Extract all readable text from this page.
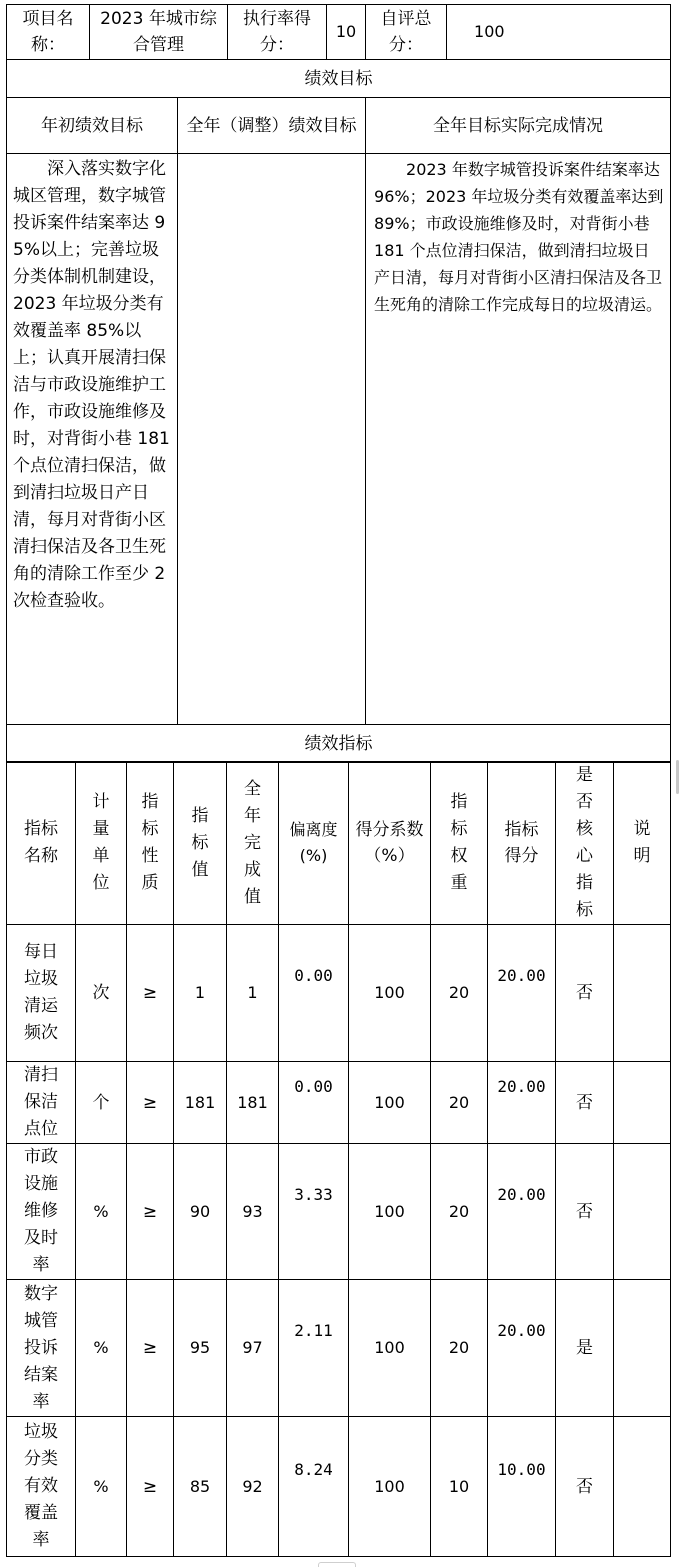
项目名称：	2023 年城市综合管理		执行率得分：	10	自评总分：	100
绩效目标						
年初绩效目标		全年（调整）绩效目标			全年目标实际完成情况	
深入落实数字化城区管理，数字城管投诉案件结案率达 95%以上；完善垃圾分类体制机制建设，2023 年垃圾分类有效覆盖率 85%以上；认真开展清扫保洁与市政设施维护工作，市政设施维修及时，对背街小巷 181 个点位清扫保洁，做到清扫垃圾日产日清，每月对背街小区清扫保洁及各卫生死角的清除工作至少 2 次检查验收。					2023 年数字城管投诉案件结案率达 96%；2023 年垃圾分类有效覆盖率达到 89%；市政设施维修及时，对背街小巷 181 个点位清扫保洁，做到清扫垃圾日产日清，每月对背街小区清扫保洁及各卫生死角的清除工作完成每日的垃圾清运。	
绩效指标						
指标名称	计量单位	指标性质	指标值	全年完成值	偏离度(%)	得分系数（%）	指标权重	指标得分	是否核心指标	说明
每日垃圾清运频次	次	≥	1	1	0.00	100	20	20.00	否	
清扫保洁点位	个	≥	181	181	0.00	100	20	20.00	否	
市政设施维修及时率	%	≥	90	93	3.33	100	20	20.00	否	
数字城管投诉结案率	%	≥	95	97	2.11	100	20	20.00	是	
垃圾分类有效覆盖率	%	≥	85	92	8.24	100	10	10.00	否	
